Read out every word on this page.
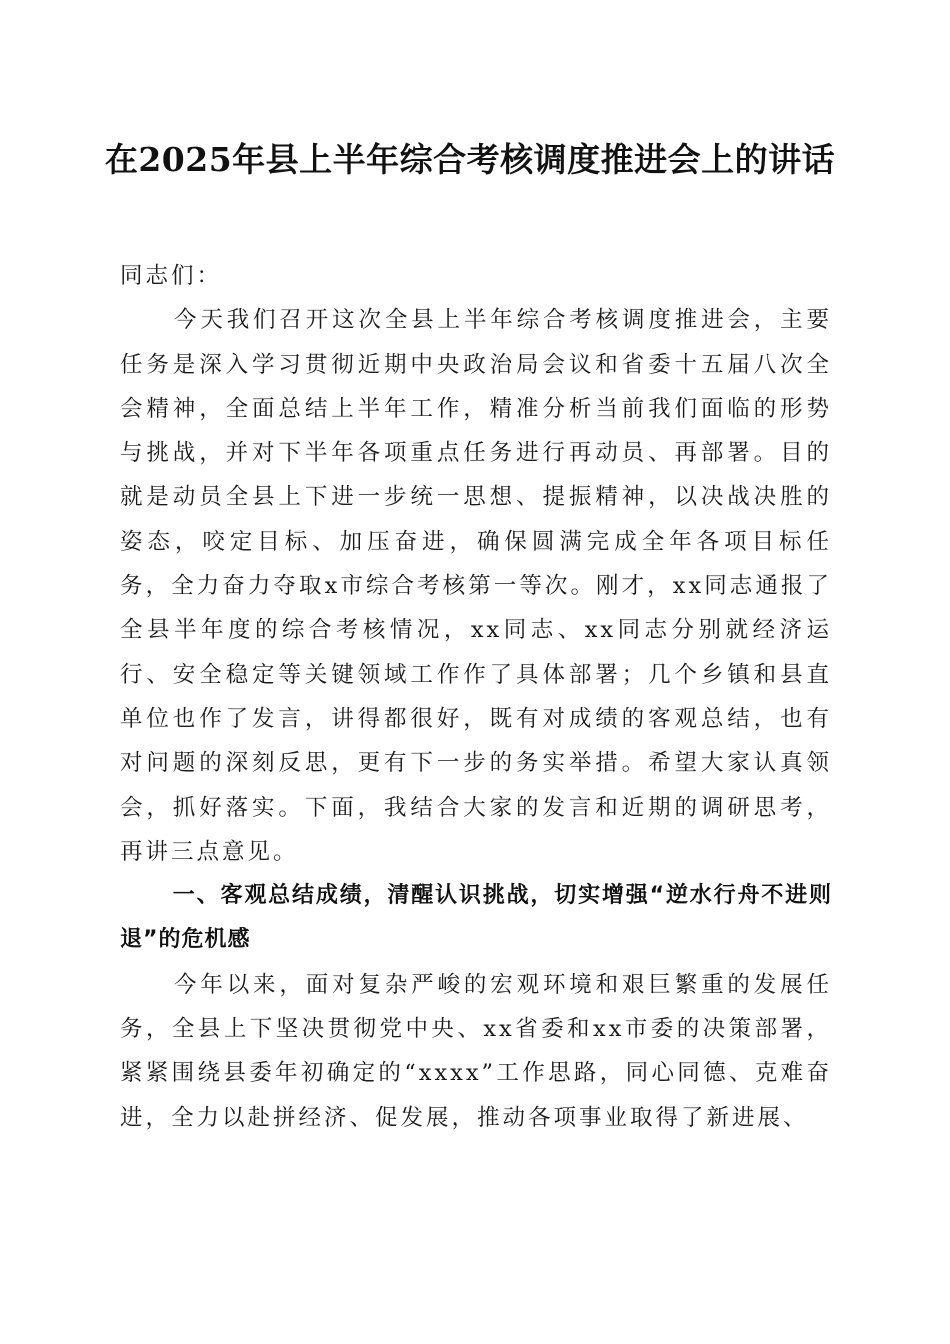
在2025年县上半年综合考核调度推进会上的讲话

同志们：

今天我们召开这次全县上半年综合考核调度推进会，主要任务是深入学习贯彻近期中央政治局会议和省委十五届八次全会精神，全面总结上半年工作，精准分析当前我们面临的形势与挑战，并对下半年各项重点任务进行再动员、再部署。目的就是动员全县上下进一步统一思想、提振精神，以决战决胜的姿态，咬定目标、加压奋进，确保圆满完成全年各项目标任务，全力奋力夺取x市综合考核第一等次。刚才，xx同志通报了全县半年度的综合考核情况，xx同志、xx同志分别就经济运行、安全稳定等关键领域工作作了具体部署；几个乡镇和县直单位也作了发言，讲得都很好，既有对成绩的客观总结，也有对问题的深刻反思，更有下一步的务实举措。希望大家认真领会，抓好落实。下面，我结合大家的发言和近期的调研思考，再讲三点意见。

一、客观总结成绩，清醒认识挑战，切实增强“逆水行舟不进则退”的危机感

今年以来，面对复杂严峻的宏观环境和艰巨繁重的发展任务，全县上下坚决贯彻党中央、xx省委和xx市委的决策部署，紧紧围绕县委年初确定的“xxxx”工作思路，同心同德、克难奋进，全力以赴拼经济、促发展，推动各项事业取得了新进展、
